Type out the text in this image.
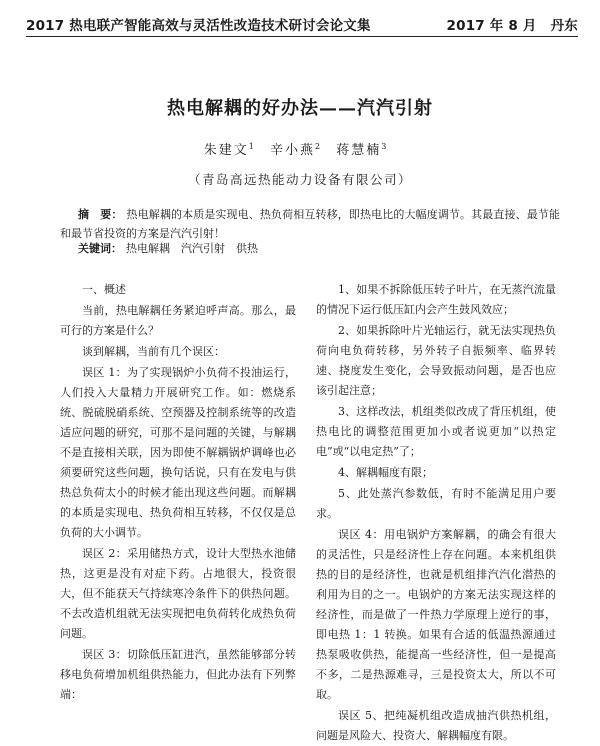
2017 热电联产智能高效与灵活性改造技术研讨会论文集	2017 年 8 月 丹东
热电解耦的好办法——汽汽引射
朱建文$^1$ 辛小燕$^2$ 蒋慧楠$^3$
（青岛高远热能动力设备有限公司）
摘　要： 热电解耦的本质是实现电、热负荷相互转移，即热电比的大幅度调节。其最直接、最节能和最节省投资的方案是汽汽引射！
关键词： 热电解耦　汽汽引射　供热

一、概述

当前，热电解耦任务紧迫呼声高。那么，最可行的方案是什么？

谈到解耦，当前有几个误区：

误区 1：为了实现锅炉小负荷不投油运行，人们投入大量精力开展研究工作。如：燃烧系统、脱硫脱硝系统、空预器及控制系统等的改造适应问题的研究，可那不是问题的关键，与解耦不是直接相关联，因为即使不解耦锅炉调峰也必须要研究这些问题，换句话说，只有在发电与供热总负荷太小的时候才能出现这些问题。而解耦的本质是实现电、热负荷相互转移，不仅仅是总负荷的大小调节。

误区 2：采用储热方式，设计大型热水池储热，这更是没有对症下药。占地很大，投资很大，但不能获天气持续寒冷条件下的供热问题。不去改造机组就无法实现把电负荷转化成热负荷问题。

误区 3：切除低压缸进汽，虽然能够部分转移电负荷增加机组供热能力，但此办法有下列弊端：

1、如果不拆除低压转子叶片，在无蒸汽流量的情况下运行低压缸内会产生鼓风效应；

2、如果拆除叶片光轴运行，就无法实现热负荷向电负荷转移，另外转子自振频率、临界转速、挠度发生变化，会导致振动问题，是否也应该引起注意；

3、这样改法，机组类似改成了背压机组，使热电比的调整范围更加小或者说更加“以热定电”或“以电定热”了；

4、解耦幅度有限；

5、此处蒸汽参数低，有时不能满足用户要求。

误区 4：用电锅炉方案解耦，的确会有很大的灵活性，只是经济性上存在问题。本来机组供热的目的是经济性，也就是机组排汽汽化潜热的利用为目的之一。电锅炉的方案无法实现这样的经济性，而是做了一件热力学原理上逆行的事，即电热 1：1 转换。如果有合适的低温热源通过热泵吸收供热，能提高一些经济性，但一是提高不多，二是热源难寻，三是投资太大，所以不可取。

误区 5、把纯凝机组改造成抽汽供热机组，问题是风险大、投资大、解耦幅度有限。
